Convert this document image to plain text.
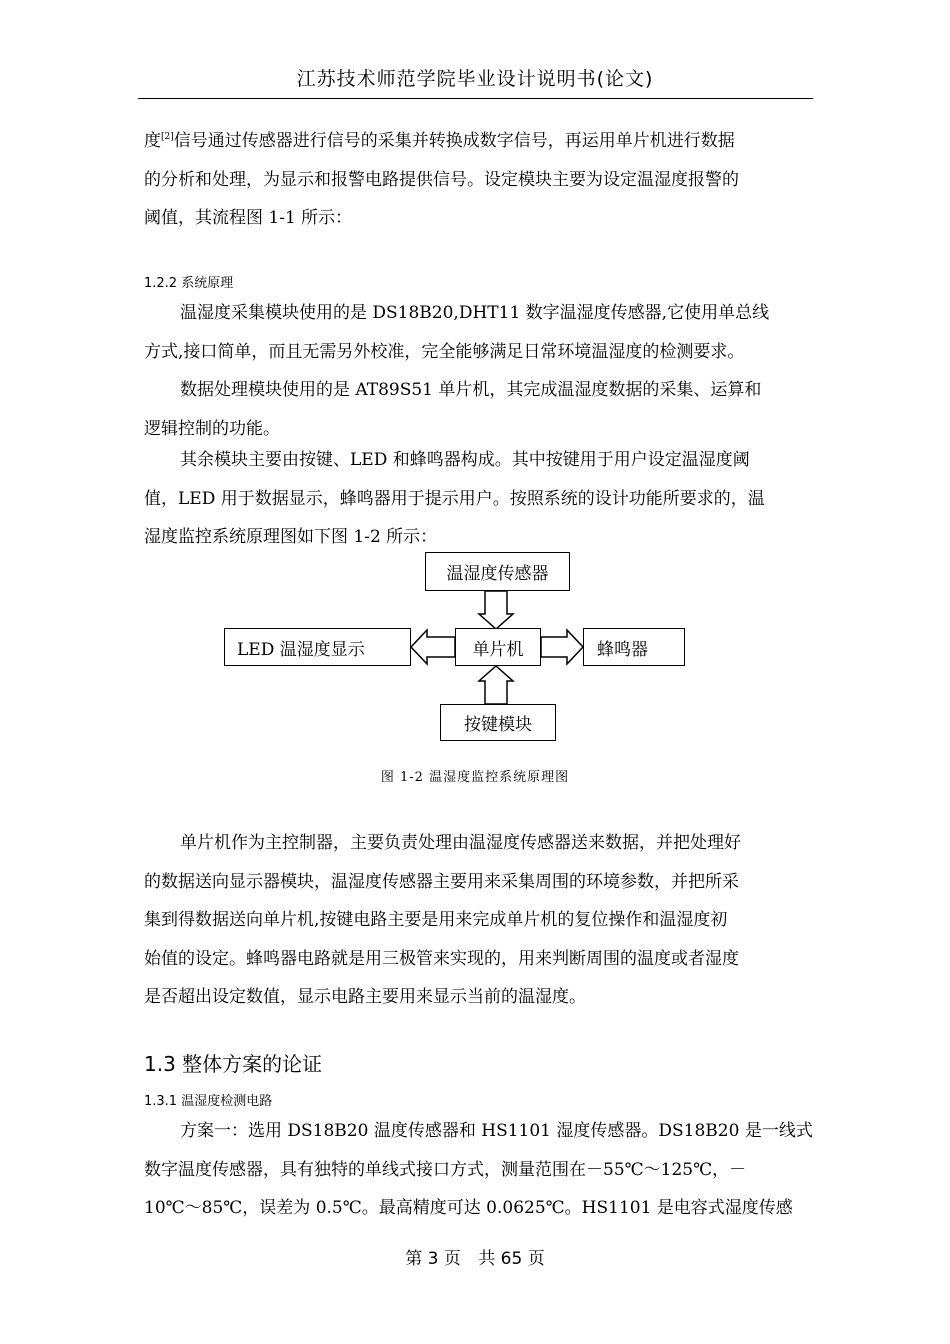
江苏技术师范学院毕业设计说明书(论文)
度[2]信号通过传感器进行信号的采集并转换成数字信号，再运用单片机进行数据
的分析和处理，为显示和报警电路提供信号。设定模块主要为设定温湿度报警的
阈值，其流程图 1-1 所示：
1.2.2 系统原理
温湿度采集模块使用的是 DS18B20,DHT11 数字温湿度传感器,它使用单总线
方式,接口简单，而且无需另外校准，完全能够满足日常环境温湿度的检测要求。
数据处理模块使用的是 AT89S51 单片机，其完成温湿度数据的采集、运算和
逻辑控制的功能。
其余模块主要由按键、LED 和蜂鸣器构成。其中按键用于用户设定温湿度阈
值，LED 用于数据显示，蜂鸣器用于提示用户。按照系统的设计功能所要求的，温
湿度监控系统原理图如下图 1-2 所示：
温湿度传感器
单片机
LED 温湿度显示	蜂鸣器
按键模块
图 1-2 温湿度监控系统原理图
单片机作为主控制器，主要负责处理由温湿度传感器送来数据，并把处理好
的数据送向显示器模块，温湿度传感器主要用来采集周围的环境参数，并把所采
集到得数据送向单片机,按键电路主要是用来完成单片机的复位操作和温湿度初
始值的设定。蜂鸣器电路就是用三极管来实现的，用来判断周围的温度或者湿度
是否超出设定数值，显示电路主要用来显示当前的温湿度。
1.3 整体方案的论证
1.3.1 温湿度检测电路
方案一：选用 DS18B20 温度传感器和 HS1101 湿度传感器。DS18B20 是一线式
数字温度传感器，具有独特的单线式接口方式，测量范围在－55℃～125℃，－
10℃～85℃，误差为 0.5℃。最高精度可达 0.0625℃。HS1101 是电容式湿度传感
第 3 页 共 65 页
